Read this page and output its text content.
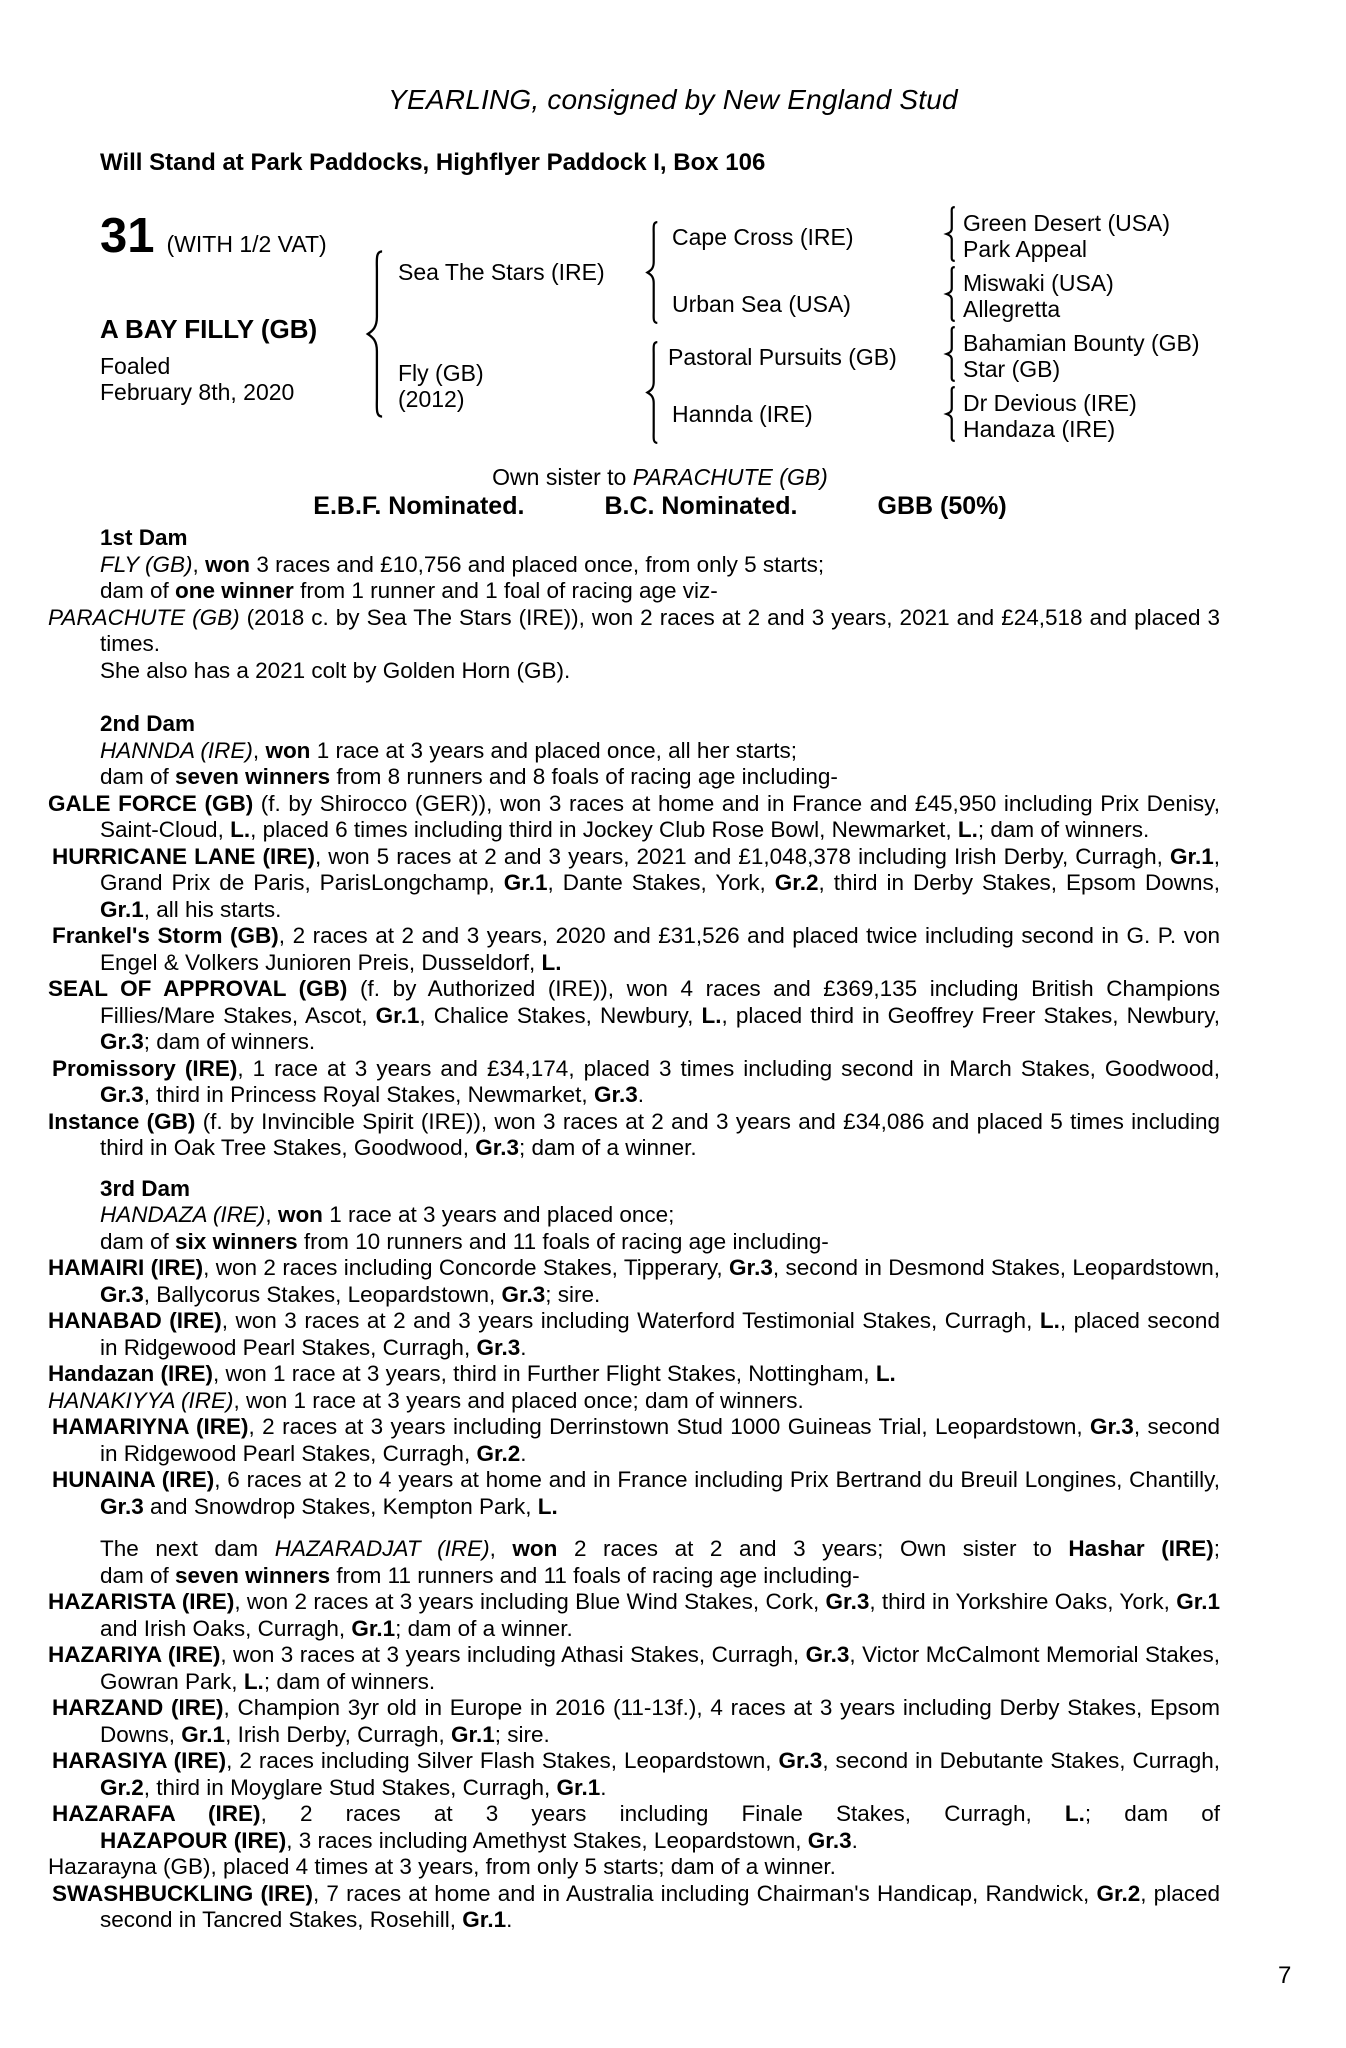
YEARLING, consigned by New England Stud
Will Stand at Park Paddocks, Highflyer Paddock I, Box 106
31 (WITH 1/2 VAT)
A BAY FILLY (GB)
Foaled
February 8th, 2020
Sea The Stars (IRE)
Fly (GB)
(2012)
Cape Cross (IRE)
Urban Sea (USA)
Pastoral Pursuits (GB)
Hannda (IRE)
Green Desert (USA)
Park Appeal
Miswaki (USA)
Allegretta
Bahamian Bounty (GB)
Star (GB)
Dr Devious (IRE)
Handaza (IRE)
Own sister to PARACHUTE (GB)
E.B.F. Nominated.	B.C. Nominated.	GBB (50%)

1st Dam

FLY (GB), won 3 races and £10,756 and placed once, from only 5 starts;

dam of one winner from 1 runner and 1 foal of racing age viz-

PARACHUTE (GB) (2018 c. by Sea The Stars (IRE)), won 2 races at 2 and 3 years, 2021 and £24,518 and placed 3 times.

She also has a 2021 colt by Golden Horn (GB).

2nd Dam

HANNDA (IRE), won 1 race at 3 years and placed once, all her starts;

dam of seven winners from 8 runners and 8 foals of racing age including-

GALE FORCE (GB) (f. by Shirocco (GER)), won 3 races at home and in France and £45,950 including Prix Denisy, Saint-Cloud, L., placed 6 times including third in Jockey Club Rose Bowl, Newmarket, L.; dam of winners.

HURRICANE LANE (IRE), won 5 races at 2 and 3 years, 2021 and £1,048,378 including Irish Derby, Curragh, Gr.1, Grand Prix de Paris, ParisLongchamp, Gr.1, Dante Stakes, York, Gr.2, third in Derby Stakes, Epsom Downs, Gr.1, all his starts.

Frankel's Storm (GB), 2 races at 2 and 3 years, 2020 and £31,526 and placed twice including second in G. P. von Engel & Volkers Junioren Preis, Dusseldorf, L.

SEAL OF APPROVAL (GB) (f. by Authorized (IRE)), won 4 races and £369,135 including British Champions Fillies/Mare Stakes, Ascot, Gr.1, Chalice Stakes, Newbury, L., placed third in Geoffrey Freer Stakes, Newbury, Gr.3; dam of winners.

Promissory (IRE), 1 race at 3 years and £34,174, placed 3 times including second in March Stakes, Goodwood, Gr.3, third in Princess Royal Stakes, Newmarket, Gr.3.

Instance (GB) (f. by Invincible Spirit (IRE)), won 3 races at 2 and 3 years and £34,086 and placed 5 times including third in Oak Tree Stakes, Goodwood, Gr.3; dam of a winner.

3rd Dam

HANDAZA (IRE), won 1 race at 3 years and placed once;

dam of six winners from 10 runners and 11 foals of racing age including-

HAMAIRI (IRE), won 2 races including Concorde Stakes, Tipperary, Gr.3, second in Desmond Stakes, Leopardstown, Gr.3, Ballycorus Stakes, Leopardstown, Gr.3; sire.

HANABAD (IRE), won 3 races at 2 and 3 years including Waterford Testimonial Stakes, Curragh, L., placed second in Ridgewood Pearl Stakes, Curragh, Gr.3.

Handazan (IRE), won 1 race at 3 years, third in Further Flight Stakes, Nottingham, L.

HANAKIYYA (IRE), won 1 race at 3 years and placed once; dam of winners.

HAMARIYNA (IRE), 2 races at 3 years including Derrinstown Stud 1000 Guineas Trial, Leopardstown, Gr.3, second in Ridgewood Pearl Stakes, Curragh, Gr.2.

HUNAINA (IRE), 6 races at 2 to 4 years at home and in France including Prix Bertrand du Breuil Longines, Chantilly, Gr.3 and Snowdrop Stakes, Kempton Park, L.

The next dam HAZARADJAT (IRE), won 2 races at 2 and 3 years; Own sister to Hashar (IRE);

dam of seven winners from 11 runners and 11 foals of racing age including-

HAZARISTA (IRE), won 2 races at 3 years including Blue Wind Stakes, Cork, Gr.3, third in Yorkshire Oaks, York, Gr.1 and Irish Oaks, Curragh, Gr.1; dam of a winner.

HAZARIYA (IRE), won 3 races at 3 years including Athasi Stakes, Curragh, Gr.3, Victor McCalmont Memorial Stakes, Gowran Park, L.; dam of winners.

HARZAND (IRE), Champion 3yr old in Europe in 2016 (11-13f.), 4 races at 3 years including Derby Stakes, Epsom Downs, Gr.1, Irish Derby, Curragh, Gr.1; sire.

HARASIYA (IRE), 2 races including Silver Flash Stakes, Leopardstown, Gr.3, second in Debutante Stakes, Curragh, Gr.2, third in Moyglare Stud Stakes, Curragh, Gr.1.

HAZARAFA (IRE), 2 races at 3 years including Finale Stakes, Curragh, L.; dam of

HAZAPOUR (IRE), 3 races including Amethyst Stakes, Leopardstown, Gr.3.

Hazarayna (GB), placed 4 times at 3 years, from only 5 starts; dam of a winner.

SWASHBUCKLING (IRE), 7 races at home and in Australia including Chairman's Handicap, Randwick, Gr.2, placed second in Tancred Stakes, Rosehill, Gr.1.

7
